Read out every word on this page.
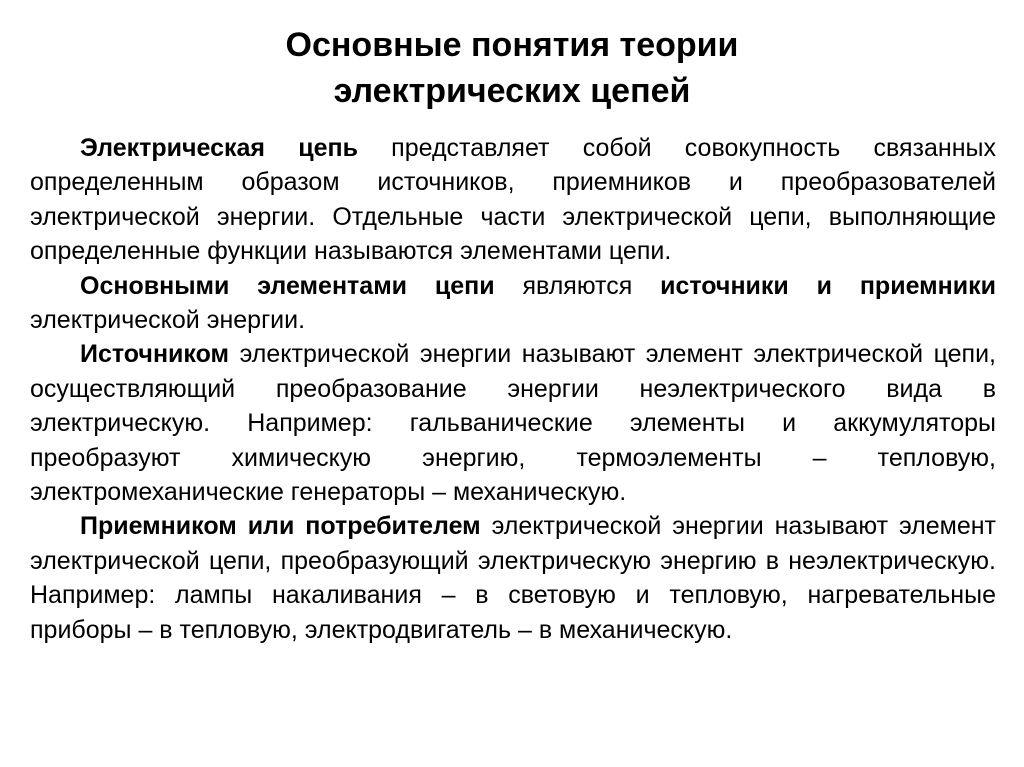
Основные понятия теории
электрических цепей

Электрическая цепь представляет собой совокупность связанных определенным образом источников, приемников и преобразователей электрической энергии. Отдельные части электрической цепи, выполняющие определенные функции называются элементами цепи.

Основными элементами цепи являются источники и приемники электрической энергии.

Источником электрической энергии называют элемент электрической цепи, осуществляющий преобразование энергии неэлектрического вида в электрическую. Например: гальванические элементы и аккумуляторы преобразуют химическую энергию, термоэлементы – тепловую, электромеханические генераторы – механическую.

Приемником или потребителем электрической энергии называют элемент электрической цепи, преобразующий электрическую энергию в неэлектрическую. Например: лампы накаливания – в световую и тепловую, нагревательные приборы – в тепловую, электродвигатель – в механическую.
